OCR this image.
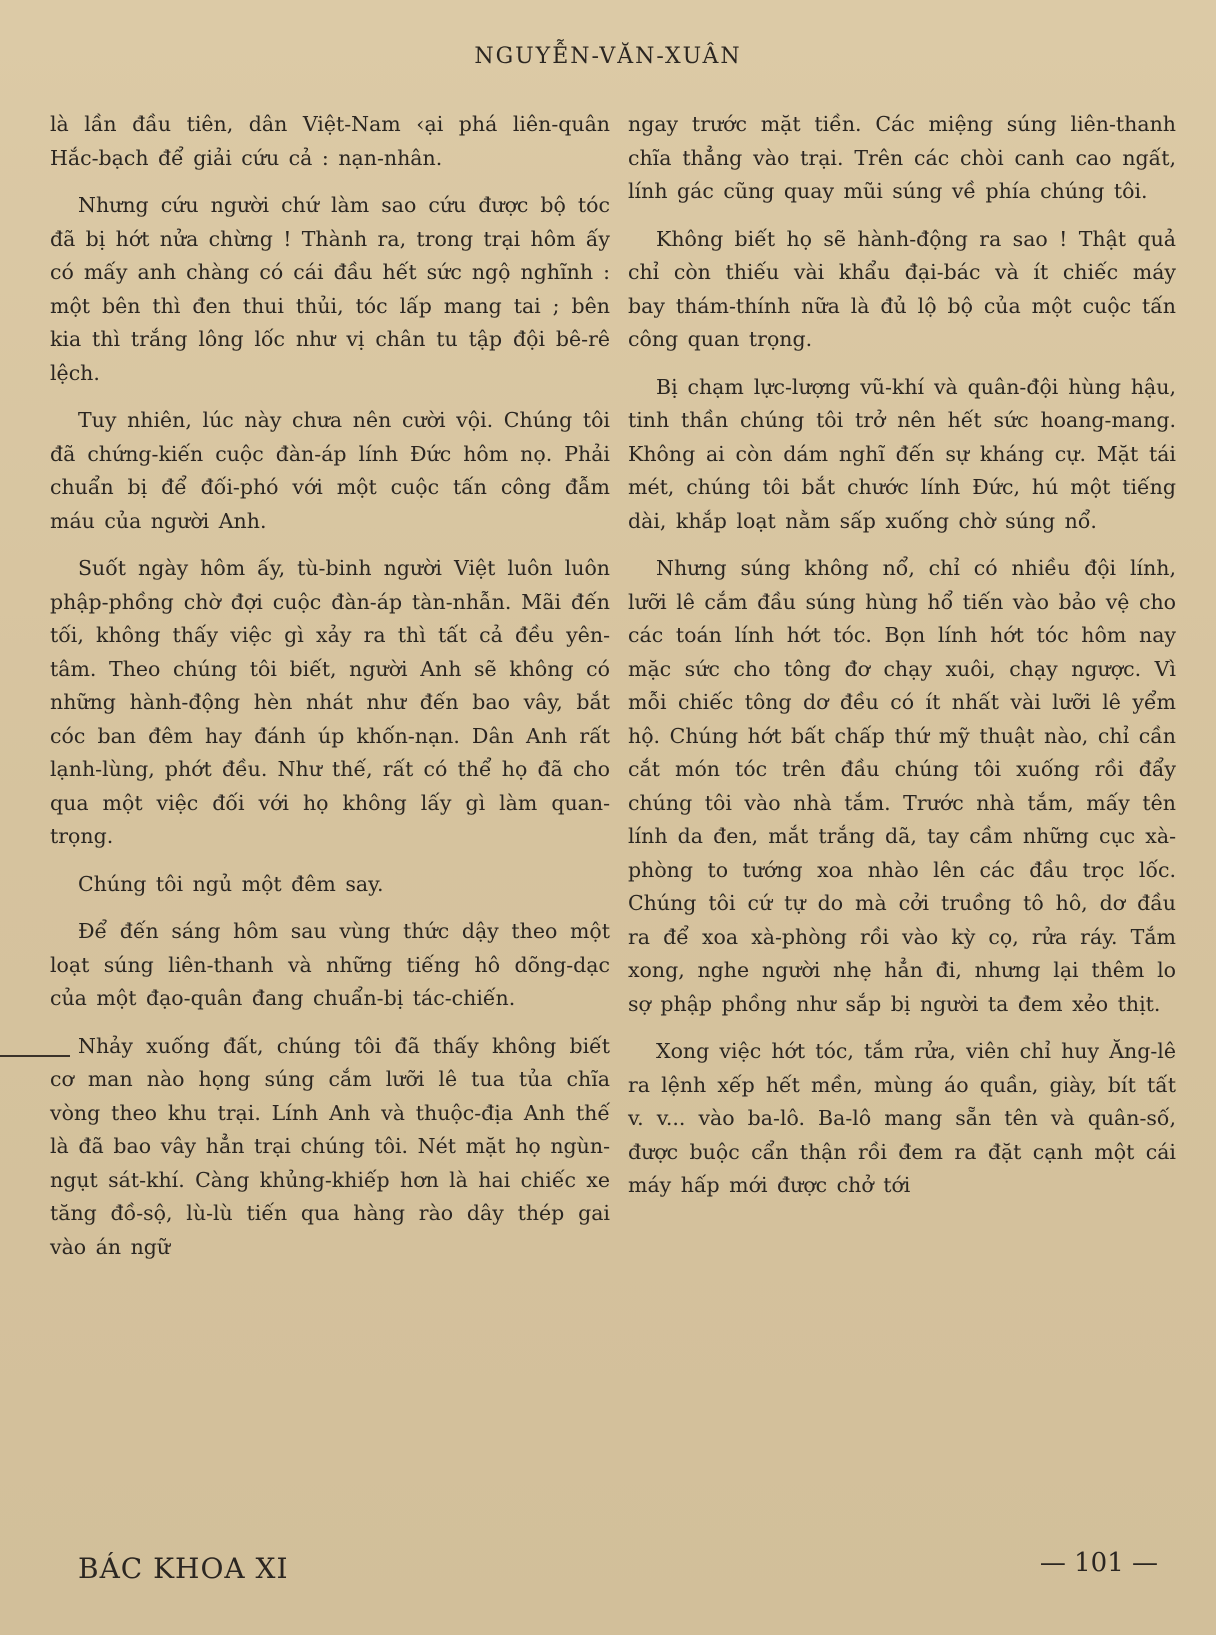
NGUYỄN-VĂN-XUÂN

là lần đầu tiên, dân Việt-Nam ‹ại phá liên-quân Hắc-bạch để giải cứu cả : nạn-nhân.

Nhưng cứu người chứ làm sao cứu được bộ tóc đã bị hớt nửa chừng ! Thành ra, trong trại hôm ấy có mấy anh chàng có cái đầu hết sức ngộ nghĩnh : một bên thì đen thui thủi, tóc lấp mang tai ; bên kia thì trắng lông lốc như vị chân tu tập đội bê-rê lệch.

Tuy nhiên, lúc này chưa nên cười vội. Chúng tôi đã chứng-kiến cuộc đàn-áp lính Đức hôm nọ. Phải chuẩn bị để đối-phó với một cuộc tấn công đẫm máu của người Anh.

Suốt ngày hôm ấy, tù-binh người Việt luôn luôn phập-phồng chờ đợi cuộc đàn-áp tàn-nhẫn. Mãi đến tối, không thấy việc gì xảy ra thì tất cả đều yên-tâm. Theo chúng tôi biết, người Anh sẽ không có những hành-động hèn nhát như đến bao vây, bắt cóc ban đêm hay đánh úp khốn-nạn. Dân Anh rất lạnh-lùng, phớt đều. Như thế, rất có thể họ đã cho qua một việc đối với họ không lấy gì làm quan-trọng.

Chúng tôi ngủ một đêm say.

Để đến sáng hôm sau vùng thức dậy theo một loạt súng liên-thanh và những tiếng hô dõng-dạc của một đạo-quân đang chuẩn-bị tác-chiến.

Nhảy xuống đất, chúng tôi đã thấy không biết cơ man nào họng súng cắm lưỡi lê tua tủa chĩa vòng theo khu trại. Lính Anh và thuộc-địa Anh thế là đã bao vây hẳn trại chúng tôi. Nét mặt họ ngùn-ngụt sát-khí. Càng khủng-khiếp hơn là hai chiếc xe tăng đồ-sộ, lù-lù tiến qua hàng rào dây thép gai vào án ngữ

ngay trước mặt tiền. Các miệng súng liên-thanh chĩa thẳng vào trại. Trên các chòi canh cao ngất, lính gác cũng quay mũi súng về phía chúng tôi.

Không biết họ sẽ hành-động ra sao ! Thật quả chỉ còn thiếu vài khẩu đại-bác và ít chiếc máy bay thám-thính nữa là đủ lộ bộ của một cuộc tấn công quan trọng.

Bị chạm lực-lượng vũ-khí và quân-đội hùng hậu, tinh thần chúng tôi trở nên hết sức hoang-mang. Không ai còn dám nghĩ đến sự kháng cự. Mặt tái mét, chúng tôi bắt chước lính Đức, hú một tiếng dài, khắp loạt nằm sấp xuống chờ súng nổ.

Nhưng súng không nổ, chỉ có nhiều đội lính, lưỡi lê cắm đầu súng hùng hổ tiến vào bảo vệ cho các toán lính hớt tóc. Bọn lính hớt tóc hôm nay mặc sức cho tông đơ chạy xuôi, chạy ngược. Vì mỗi chiếc tông dơ đều có ít nhất vài lưỡi lê yểm hộ. Chúng hớt bất chấp thứ mỹ thuật nào, chỉ cần cắt món tóc trên đầu chúng tôi xuống rồi đẩy chúng tôi vào nhà tắm. Trước nhà tắm, mấy tên lính da đen, mắt trắng dã, tay cầm những cục xà-phòng to tướng xoa nhào lên các đầu trọc lốc. Chúng tôi cứ tự do mà cởi truồng tô hô, dơ đầu ra để xoa xà-phòng rồi vào kỳ cọ, rửa ráy. Tắm xong, nghe người nhẹ hẳn đi, nhưng lại thêm lo sợ phập phồng như sắp bị người ta đem xẻo thịt.

Xong việc hớt tóc, tắm rửa, viên chỉ huy Ăng-lê ra lệnh xếp hết mền, mùng áo quần, giày, bít tất v. v... vào ba-lô. Ba-lô mang sẵn tên và quân-số, được buộc cẩn thận rồi đem ra đặt cạnh một cái máy hấp mới được chở tới

BÁC KHOA XI	— 101 —
